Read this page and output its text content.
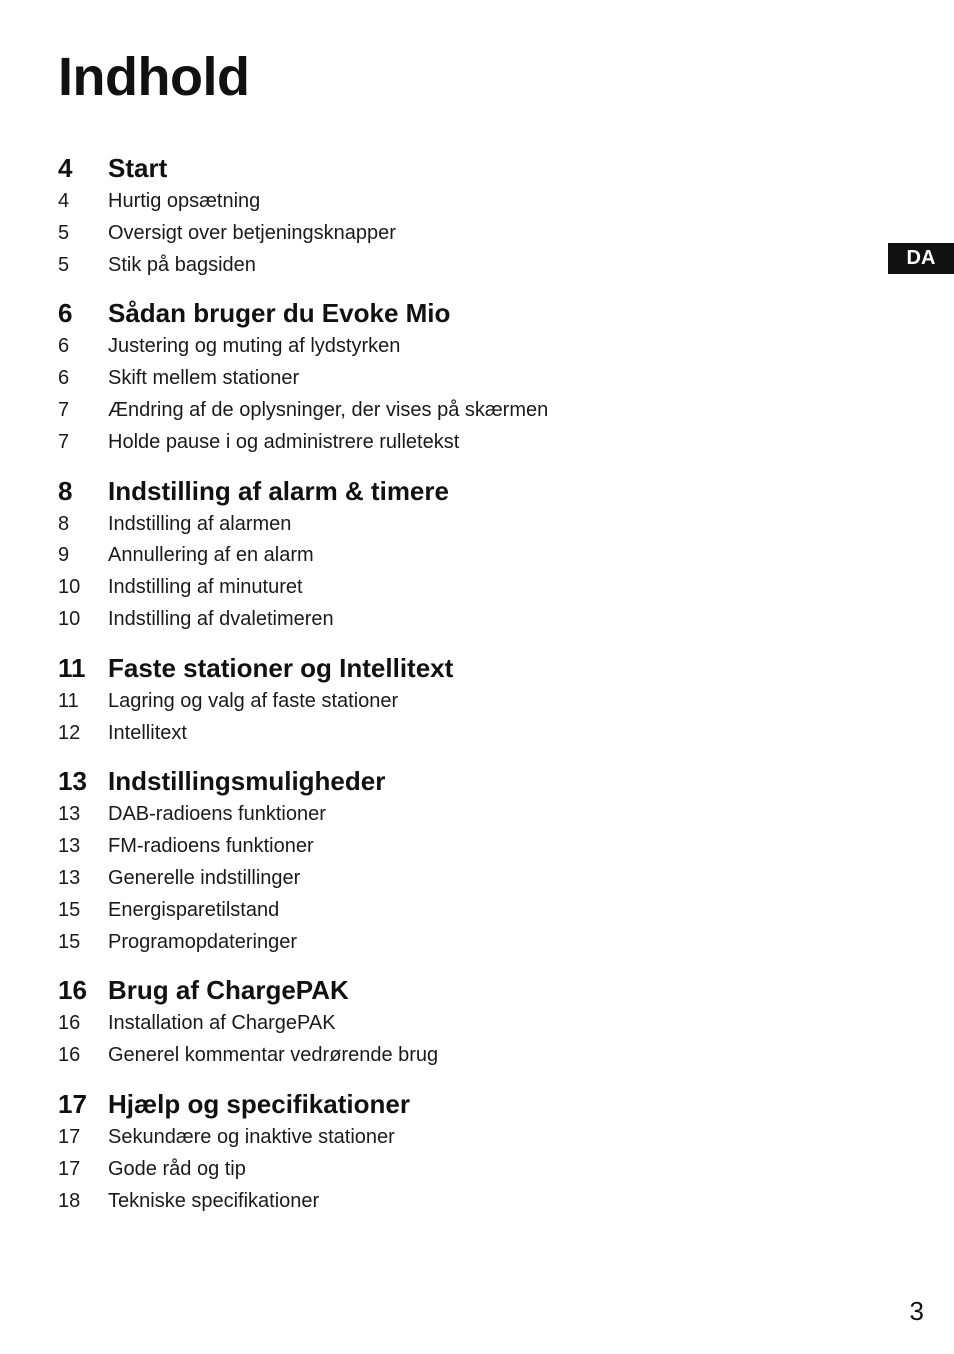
Indhold
DA
4 Start
4 Hurtig opsætning
5 Oversigt over betjeningsknapper
5 Stik på bagsiden
6 Sådan bruger du Evoke Mio
6 Justering og muting af lydstyrken
6 Skift mellem stationer
7 Ændring af de oplysninger, der vises på skærmen
7 Holde pause i og administrere rulletekst
8 Indstilling af alarm & timere
8 Indstilling af alarmen
9 Annullering af en alarm
10 Indstilling af minuturet
10 Indstilling af dvaletimeren
11 Faste stationer og Intellitext
11 Lagring og valg af faste stationer
12 Intellitext
13 Indstillingsmuligheder
13 DAB-radioens funktioner
13 FM-radioens funktioner
13 Generelle indstillinger
15 Energisparetilstand
15 Programopdateringer
16 Brug af ChargePAK
16 Installation af ChargePAK
16 Generel kommentar vedrørende brug
17 Hjælp og specifikationer
17 Sekundære og inaktive stationer
17 Gode råd og tip
18 Tekniske specifikationer
3
